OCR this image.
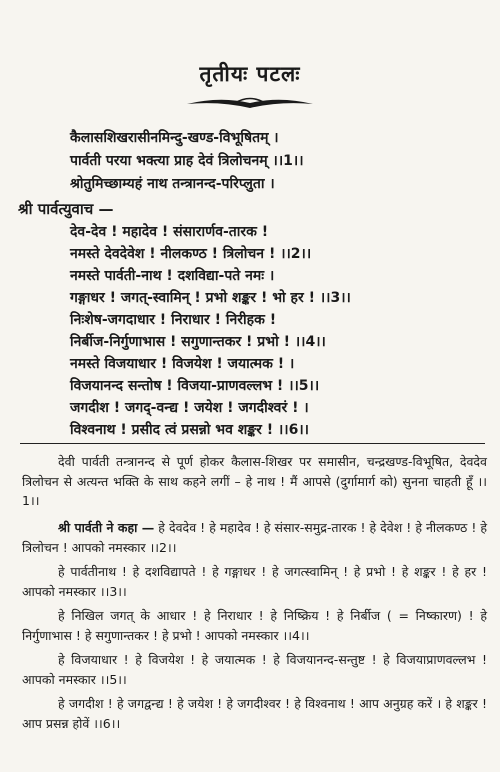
तृतीयः पटलः
कैलासशिखरासीनमिन्दु-खण्ड-विभूषितम् ।
पार्वती परया भक्त्या प्राह देवं त्रिलोचनम् ।।1।।
श्रोतुमिच्छाम्यहं नाथ तन्त्रानन्द-परिप्लुता ।
श्री पार्वत्युवाच —
देव-देव ! महादेव ! संसारार्णव-तारक !
नमस्ते देवदेवेश ! नीलकण्ठ ! त्रिलोचन ! ।।2।।
नमस्ते पार्वती-नाथ ! दशविद्या-पते नमः ।
गङ्गाधर ! जगत्-स्वामिन् ! प्रभो शङ्कर ! भो हर ! ।।3।।
निःशेष-जगदाधार ! निराधार ! निरीहक !
निर्बीज-निर्गुणाभास ! सगुणान्तकर ! प्रभो ! ।।4।।
नमस्ते विजयाधार ! विजयेश ! जयात्मक ! ।
विजयानन्द सन्तोष ! विजया-प्राणवल्लभ ! ।।5।।
जगदीश ! जगद्-वन्द्य ! जयेश ! जगदीश्वरं ! ।
विश्वनाथ ! प्रसीद त्वं प्रसन्नो भव शङ्कर ! ।।6।।
देवी पार्वती तन्त्रानन्द से पूर्ण होकर कैलास-शिखर पर समासीन, चन्द्रखण्ड-विभूषित, देवदेव त्रिलोचन से अत्यन्त भक्ति के साथ कहने लगीं – हे नाथ ! मैं आपसे (दुर्गामार्ग को) सुनना चाहती हूँ ।।1।।
श्री पार्वती ने कहा — हे देवदेव ! हे महादेव ! हे संसार-समुद्र-तारक ! हे देवेश ! हे नीलकण्ठ ! हे त्रिलोचन ! आपको नमस्कार ।।2।।
हे पार्वतीनाथ ! हे दशविद्यापते ! हे गङ्गाधर ! हे जगत्स्वामिन् ! हे प्रभो ! हे शङ्कर ! हे हर ! आपको नमस्कार ।।3।।
हे निखिल जगत् के आधार ! हे निराधार ! हे निष्क्रिय ! हे निर्बीज ( = निष्कारण) ! हे निर्गुणाभास ! हे सगुणान्तकर ! हे प्रभो ! आपको नमस्कार ।।4।।
हे विजयाधार ! हे विजयेश ! हे जयात्मक ! हे विजयानन्द-सन्तुष्ट ! हे विजयाप्राणवल्लभ ! आपको नमस्कार ।।5।।
हे जगदीश ! हे जगद्वन्द्य ! हे जयेश ! हे जगदीश्वर ! हे विश्वनाथ ! आप अनुग्रह करें । हे शङ्कर ! आप प्रसन्न होवें ।।6।।
